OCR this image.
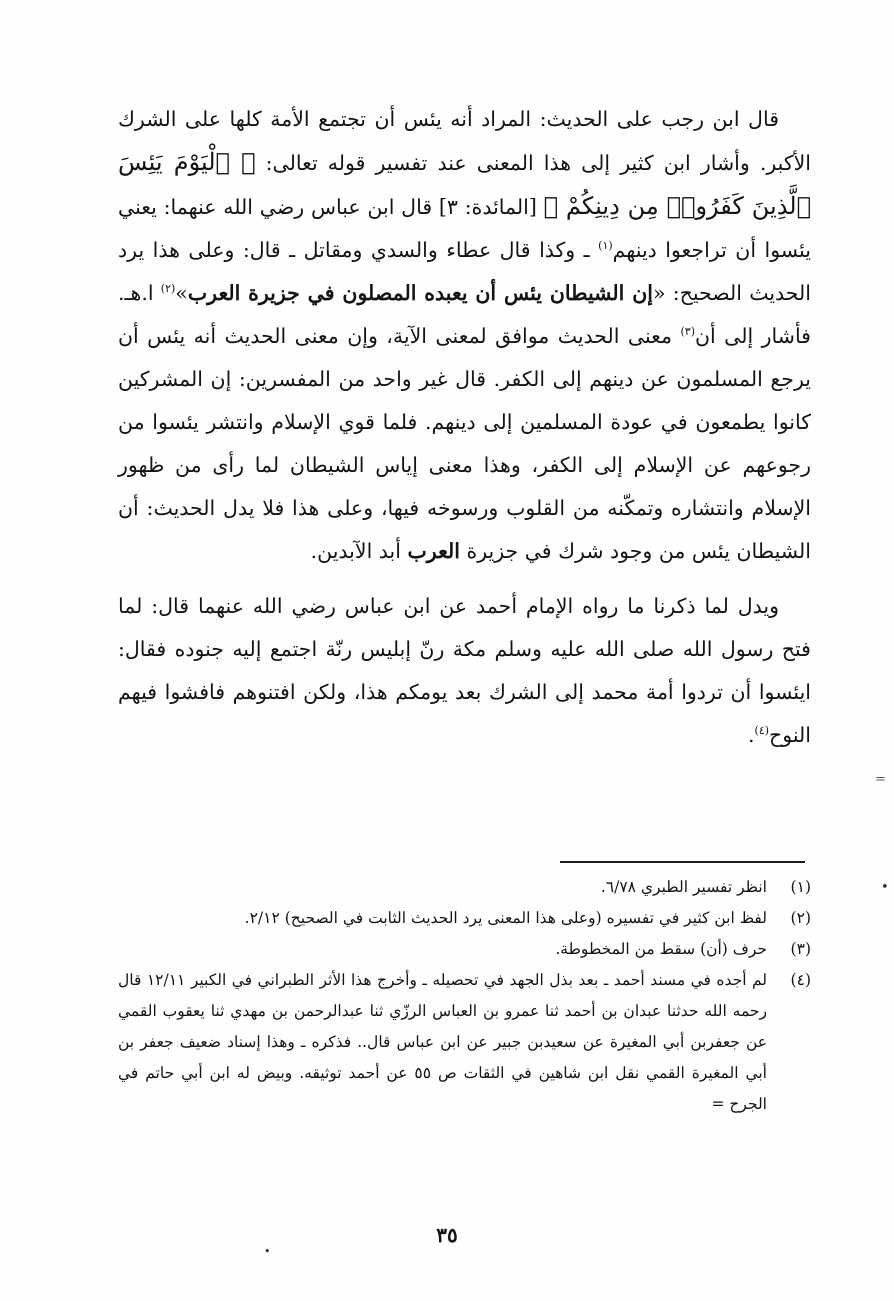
قال ابن رجب على الحديث: المراد أنه يئس أن تجتمع الأمة كلها على الشرك الأكبر. وأشار ابن كثير إلى هذا المعنى عند تفسير قوله تعالى: ﴿ ٱلْيَوْمَ يَئِسَ ٱلَّذِينَ كَفَرُوا۟ مِن دِينِكُمْ ﴾ [المائدة: ٣] قال ابن عباس رضي الله عنهما: يعني يئسوا أن تراجعوا دينهم$^{(١)}$ ـ وكذا قال عطاء والسدي ومقاتل ـ قال: وعلى هذا يرد الحديث الصحيح: «إن الشيطان يئس أن يعبده المصلون في جزيرة العرب»$^{(٢)}$ ا.هـ. فأشار إلى أن$^{(٣)}$ معنى الحديث موافق لمعنى الآية، وإن معنى الحديث أنه يئس أن يرجع المسلمون عن دينهم إلى الكفر. قال غير واحد من المفسرين: إن المشركين كانوا يطمعون في عودة المسلمين إلى دينهم. فلما قوي الإسلام وانتشر يئسوا من رجوعهم عن الإسلام إلى الكفر، وهذا معنى إياس الشيطان لما رأى من ظهور الإسلام وانتشاره وتمكّنه من القلوب ورسوخه فيها، وعلى هذا فلا يدل الحديث: أن الشيطان يئس من وجود شرك في جزيرة العرب أبد الآبدين.

ويدل لما ذكرنا ما رواه الإمام أحمد عن ابن عباس رضي الله عنهما قال: لما فتح رسول الله صلى الله عليه وسلم مكة رنّ إبليس رنّة اجتمع إليه جنوده فقال: ايئسوا أن تردوا أمة محمد إلى الشرك بعد يومكم هذا، ولكن افتنوهم فافشوا فيهم النوح$^{(٤)}$.

(١)
انظر تفسير الطبري ٦/٧٨.
(٢)
لفظ ابن كثير في تفسيره (وعلى هذا المعنى يرد الحديث الثابت في الصحيح) ٢/١٢.
(٣)
حرف (أن) سقط من المخطوطة.
(٤)
لم أجده في مسند أحمد ـ بعد بذل الجهد في تحصيله ـ وأخرج هذا الأثر الطبراني في الكبير ١٢/١١ قال رحمه الله حدثنا عبدان بن أحمد ثنا عمرو بن العباس الرزّي ثنا عبدالرحمن بن مهدي ثنا يعقوب القمي عن جعفربن أبي المغيرة عن سعيدبن جبير عن ابن عباس قال.. فذكره ـ وهذا إسناد ضعيف جعفر بن أبي المغيرة القمي نقل ابن شاهين في الثقات ص ٥٥ عن أحمد توثيقه. وبيض له ابن أبي حاتم في الجرح =
٣٥
=
•
•
